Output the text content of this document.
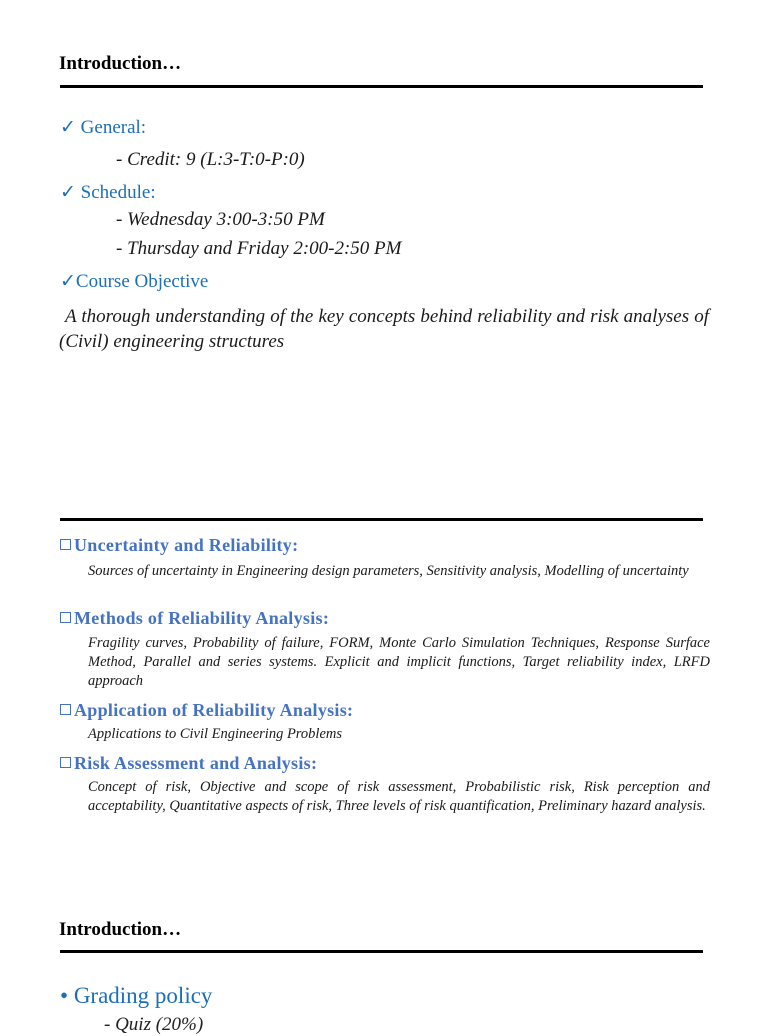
Introduction…
✓ General:
- Credit: 9 (L:3-T:0-P:0)
✓ Schedule:
- Wednesday 3:00-3:50 PM
- Thursday and Friday 2:00-2:50 PM
✓Course Objective
A thorough understanding of the key concepts behind reliability and risk analyses of (Civil) engineering structures
Uncertainty and Reliability:
Sources of uncertainty in Engineering design parameters, Sensitivity analysis, Modelling of uncertainty
Methods of Reliability Analysis:
Fragility curves, Probability of failure, FORM, Monte Carlo Simulation Techniques, Response Surface Method, Parallel and series systems. Explicit and implicit functions, Target reliability index, LRFD approach
Application of Reliability Analysis:
Applications to Civil Engineering Problems
Risk Assessment and Analysis:
Concept of risk, Objective and scope of risk assessment, Probabilistic risk, Risk perception and acceptability, Quantitative aspects of risk, Three levels of risk quantification, Preliminary hazard analysis.
Introduction…
• Grading policy
- Quiz (20%)
